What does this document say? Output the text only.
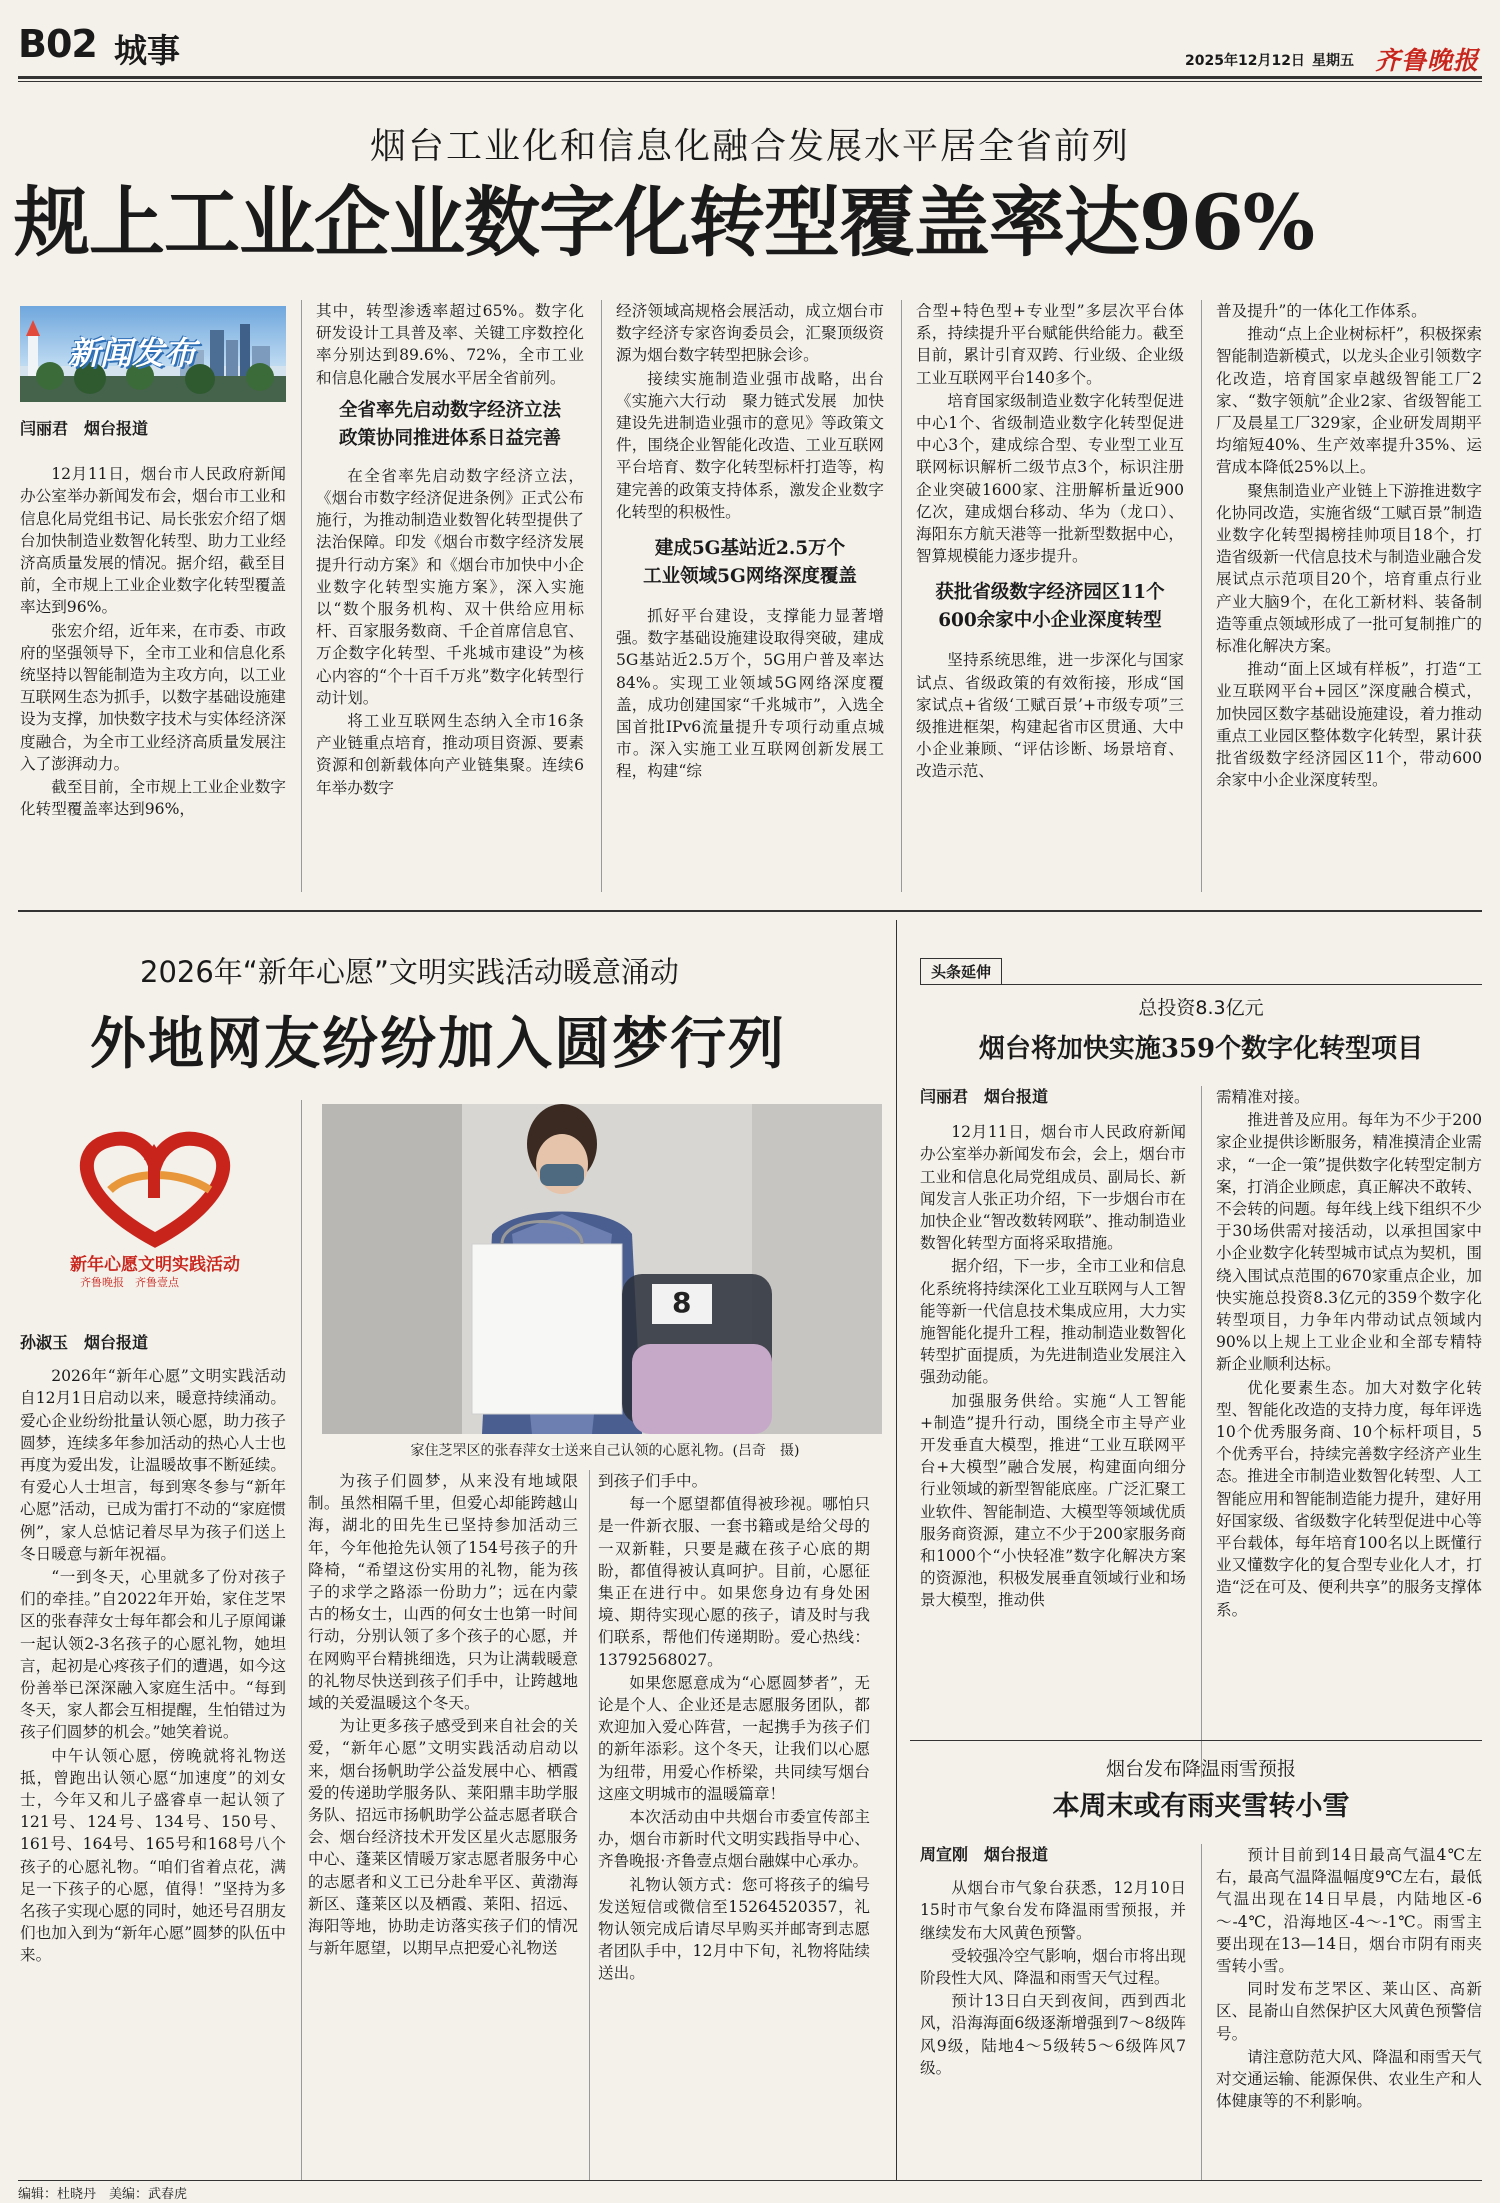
B02 城事	2025年12月12日 星期五 齐鲁晚报
烟台工业化和信息化融合发展水平居全省前列
规上工业企业数字化转型覆盖率达96%
新闻发布

闫丽君　烟台报道

12月11日，烟台市人民政府新闻办公室举办新闻发布会，烟台市工业和信息化局党组书记、局长张宏介绍了烟台加快制造业数智化转型、助力工业经济高质量发展的情况。据介绍，截至目前，全市规上工业企业数字化转型覆盖率达到96%。

张宏介绍，近年来，在市委、市政府的坚强领导下，全市工业和信息化系统坚持以智能制造为主攻方向，以工业互联网生态为抓手，以数字基础设施建设为支撑，加快数字技术与实体经济深度融合，为全市工业经济高质量发展注入了澎湃动力。

截至目前，全市规上工业企业数字化转型覆盖率达到96%，

其中，转型渗透率超过65%。数字化研发设计工具普及率、关键工序数控化率分别达到89.6%、72%，全市工业和信息化融合发展水平居全省前列。

全省率先启动数字经济立法
政策协同推进体系日益完善

在全省率先启动数字经济立法，《烟台市数字经济促进条例》正式公布施行，为推动制造业数智化转型提供了法治保障。印发《烟台市数字经济发展提升行动方案》和《烟台市加快中小企业数字化转型实施方案》，深入实施以“数个服务机构、双十供给应用标杆、百家服务数商、千企首席信息官、万企数字化转型、千兆城市建设”为核心内容的“个十百千万兆”数字化转型行动计划。

将工业互联网生态纳入全市16条产业链重点培育，推动项目资源、要素资源和创新载体向产业链集聚。连续6年举办数字

经济领域高规格会展活动，成立烟台市数字经济专家咨询委员会，汇聚顶级资源为烟台数字转型把脉会诊。

接续实施制造业强市战略，出台《实施六大行动　聚力链式发展　加快建设先进制造业强市的意见》等政策文件，围绕企业智能化改造、工业互联网平台培育、数字化转型标杆打造等，构建完善的政策支持体系，激发企业数字化转型的积极性。

建成5G基站近2.5万个
工业领域5G网络深度覆盖

抓好平台建设，支撑能力显著增强。数字基础设施建设取得突破，建成5G基站近2.5万个，5G用户普及率达84%。实现工业领域5G网络深度覆盖，成功创建国家“千兆城市”，入选全国首批IPv6流量提升专项行动重点城市。深入实施工业互联网创新发展工程，构建“综

合型+特色型+专业型”多层次平台体系，持续提升平台赋能供给能力。截至目前，累计引育双跨、行业级、企业级工业互联网平台140多个。

培育国家级制造业数字化转型促进中心1个、省级制造业数字化转型促进中心3个，建成综合型、专业型工业互联网标识解析二级节点3个，标识注册企业突破1600家、注册解析量近900亿次，建成烟台移动、华为（龙口）、海阳东方航天港等一批新型数据中心，智算规模能力逐步提升。

获批省级数字经济园区11个
600余家中小企业深度转型

坚持系统思维，进一步深化与国家试点、省级政策的有效衔接，形成“国家试点+省级‘工赋百景’+市级专项”三级推进框架，构建起省市区贯通、大中小企业兼顾、“评估诊断、场景培育、改造示范、

普及提升”的一体化工作体系。

推动“点上企业树标杆”，积极探索智能制造新模式，以龙头企业引领数字化改造，培育国家卓越级智能工厂2家、“数字领航”企业2家、省级智能工厂及晨星工厂329家，企业研发周期平均缩短40%、生产效率提升35%、运营成本降低25%以上。

聚焦制造业产业链上下游推进数字化协同改造，实施省级“工赋百景”制造业数字化转型揭榜挂帅项目18个，打造省级新一代信息技术与制造业融合发展试点示范项目20个，培育重点行业产业大脑9个，在化工新材料、装备制造等重点领域形成了一批可复制推广的标准化解决方案。

推动“面上区域有样板”，打造“工业互联网平台+园区”深度融合模式，加快园区数字基础设施建设，着力推动重点工业园区整体数字化转型，累计获批省级数字经济园区11个，带动600余家中小企业深度转型。

2026年“新年心愿”文明实践活动暖意涌动
外地网友纷纷加入圆梦行列
新年心愿文明实践活动
齐鲁晚报　 齐鲁壹点
8
家住芝罘区的张春萍女士送来自己认领的心愿礼物。(吕奇　摄)

孙淑玉　烟台报道

2026年“新年心愿”文明实践活动自12月1日启动以来，暖意持续涌动。爱心企业纷纷批量认领心愿，助力孩子圆梦，连续多年参加活动的热心人士也再度为爱出发，让温暖故事不断延续。有爱心人士坦言，每到寒冬参与“新年心愿”活动，已成为雷打不动的“家庭惯例”，家人总惦记着尽早为孩子们送上冬日暖意与新年祝福。

“一到冬天，心里就多了份对孩子们的牵挂。”自2022年开始，家住芝罘区的张春萍女士每年都会和儿子原闻谦一起认领2-3名孩子的心愿礼物，她坦言，起初是心疼孩子们的遭遇，如今这份善举已深深融入家庭生活中。“每到冬天，家人都会互相提醒，生怕错过为孩子们圆梦的机会。”她笑着说。

中午认领心愿，傍晚就将礼物送抵，曾跑出认领心愿“加速度”的刘女士，今年又和儿子盛睿卓一起认领了121号、124号、134号、150号、161号、164号、165号和168号八个孩子的心愿礼物。“咱们省着点花，满足一下孩子的心愿，值得！”坚持为多名孩子实现心愿的同时，她还号召朋友们也加入到为“新年心愿”圆梦的队伍中来。

为孩子们圆梦，从来没有地域限制。虽然相隔千里，但爱心却能跨越山海，湖北的田先生已坚持参加活动三年，今年他抢先认领了154号孩子的升降椅，“希望这份实用的礼物，能为孩子的求学之路添一份助力”；远在内蒙古的杨女士，山西的何女士也第一时间行动，分别认领了多个孩子的心愿，并在网购平台精挑细选，只为让满载暖意的礼物尽快送到孩子们手中，让跨越地域的关爱温暖这个冬天。

为让更多孩子感受到来自社会的关爱，“新年心愿”文明实践活动启动以来，烟台扬帆助学公益发展中心、栖霞爱的传递助学服务队、莱阳鼎丰助学服务队、招远市扬帆助学公益志愿者联合会、烟台经济技术开发区星火志愿服务中心、蓬莱区情暖万家志愿者服务中心的志愿者和义工已分赴牟平区、黄渤海新区、蓬莱区以及栖霞、莱阳、招远、海阳等地，协助走访落实孩子们的情况与新年愿望，以期早点把爱心礼物送

到孩子们手中。

每一个愿望都值得被珍视。哪怕只是一件新衣服、一套书籍或是给父母的一双新鞋，只要是藏在孩子心底的期盼，都值得被认真呵护。目前，心愿征集正在进行中。如果您身边有身处困境、期待实现心愿的孩子，请及时与我们联系，帮他们传递期盼。爱心热线：13792568027。

如果您愿意成为“心愿圆梦者”，无论是个人、企业还是志愿服务团队，都欢迎加入爱心阵营，一起携手为孩子们的新年添彩。这个冬天，让我们以心愿为纽带，用爱心作桥梁，共同续写烟台这座文明城市的温暖篇章！

本次活动由中共烟台市委宣传部主办，烟台市新时代文明实践指导中心、齐鲁晚报·齐鲁壹点烟台融媒中心承办。

礼物认领方式：您可将孩子的编号发送短信或微信至15264520357，礼物认领完成后请尽早购买并邮寄到志愿者团队手中，12月中下旬，礼物将陆续送出。

头条延伸
总投资8.3亿元
烟台将加快实施359个数字化转型项目

闫丽君　烟台报道

12月11日，烟台市人民政府新闻办公室举办新闻发布会，会上，烟台市工业和信息化局党组成员、副局长、新闻发言人张正功介绍，下一步烟台市在加快企业“智改数转网联”、推动制造业数智化转型方面将采取措施。

据介绍，下一步，全市工业和信息化系统将持续深化工业互联网与人工智能等新一代信息技术集成应用，大力实施智能化提升工程，推动制造业数智化转型扩面提质，为先进制造业发展注入强劲动能。

加强服务供给。实施“人工智能+制造”提升行动，围绕全市主导产业开发垂直大模型，推进“工业互联网平台+大模型”融合发展，构建面向细分行业领域的新型智能底座。广泛汇聚工业软件、智能制造、大模型等领域优质服务商资源，建立不少于200家服务商和1000个“小快轻准”数字化解决方案的资源池，积极发展垂直领域行业和场景大模型，推动供

需精准对接。

推进普及应用。每年为不少于200家企业提供诊断服务，精准摸清企业需求，“一企一策”提供数字化转型定制方案，打消企业顾虑，真正解决不敢转、不会转的问题。每年线上线下组织不少于30场供需对接活动，以承担国家中小企业数字化转型城市试点为契机，围绕入围试点范围的670家重点企业，加快实施总投资8.3亿元的359个数字化转型项目，力争年内带动试点领域内90%以上规上工业企业和全部专精特新企业顺利达标。

优化要素生态。加大对数字化转型、智能化改造的支持力度，每年评选10个优秀服务商、10个标杆项目，5个优秀平台，持续完善数字经济产业生态。推进全市制造业数智化转型、人工智能应用和智能制造能力提升，建好用好国家级、省级数字化转型促进中心等平台载体，每年培育100名以上既懂行业又懂数字化的复合型专业化人才，打造“泛在可及、便利共享”的服务支撑体系。

烟台发布降温雨雪预报
本周末或有雨夹雪转小雪

周宣刚　烟台报道

从烟台市气象台获悉，12月10日15时市气象台发布降温雨雪预报，并继续发布大风黄色预警。

受较强冷空气影响，烟台市将出现阶段性大风、降温和雨雪天气过程。

预计13日白天到夜间，西到西北风，沿海海面6级逐渐增强到7～8级阵风9级，陆地4～5级转5～6级阵风7级。

预计目前到14日最高气温4℃左右，最高气温降温幅度9℃左右，最低气温出现在14日早晨，内陆地区-6～-4℃，沿海地区-4～-1℃。雨雪主要出现在13—14日，烟台市阴有雨夹雪转小雪。

同时发布芝罘区、莱山区、高新区、昆嵛山自然保护区大风黄色预警信号。

请注意防范大风、降温和雨雪天气对交通运输、能源保供、农业生产和人体健康等的不利影响。

编辑：杜晓丹　美编：武春虎
